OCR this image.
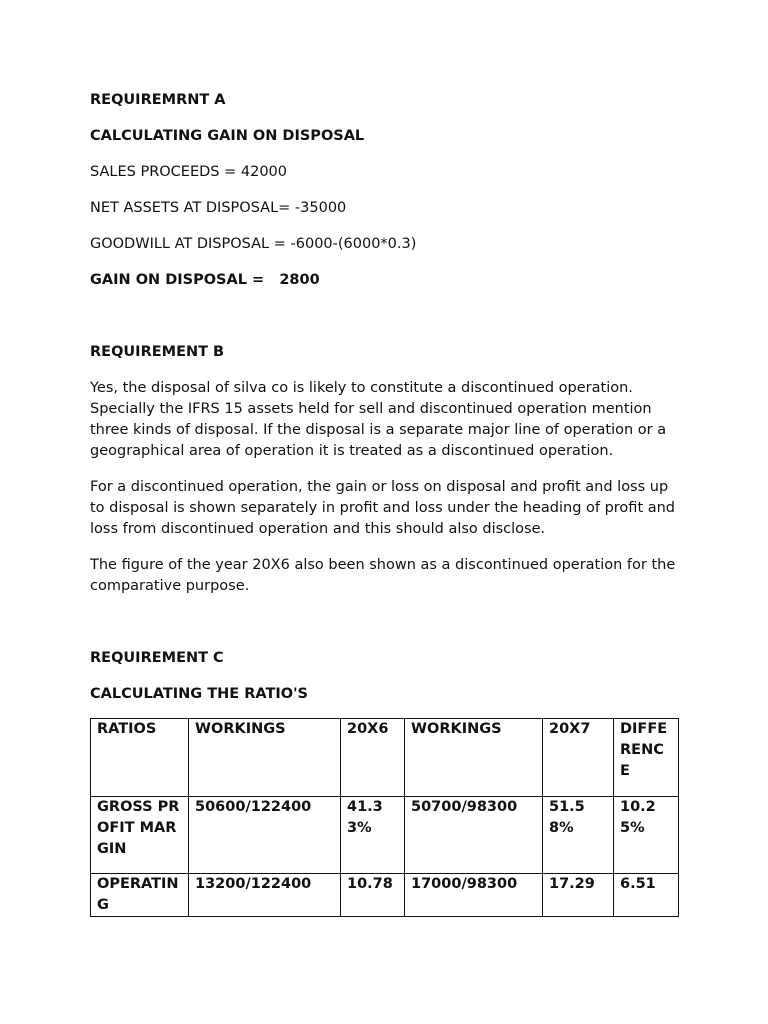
REQUIREMRNT A

CALCULATING GAIN ON DISPOSAL

SALES PROCEEDS = 42000

NET ASSETS AT DISPOSAL= -35000

GOODWILL AT DISPOSAL = -6000-(6000*0.3)

GAIN ON DISPOSAL = 2800

REQUIREMENT B

Yes, the disposal of silva co is likely to constitute a discontinued operation. Specially the IFRS 15 assets held for sell and discontinued operation mention three kinds of disposal. If the disposal is a separate major line of operation or a geographical area of operation it is treated as a discontinued operation.

For a discontinued operation, the gain or loss on disposal and profit and loss up to disposal is shown separately in profit and loss under the heading of profit and loss from discontinued operation and this should also disclose.

The figure of the year 20X6 also been shown as a discontinued operation for the comparative purpose.

REQUIREMENT C

CALCULATING THE RATIO'S

RATIOS	WORKINGS	20X6	WORKINGS	20X7	DIFFERENCE
GROSS PROFIT MARGIN	50600/122400	41.33%	50700/98300	51.58%	10.25%
OPERATING	13200/122400	10.78	17000/98300	17.29	6.51
